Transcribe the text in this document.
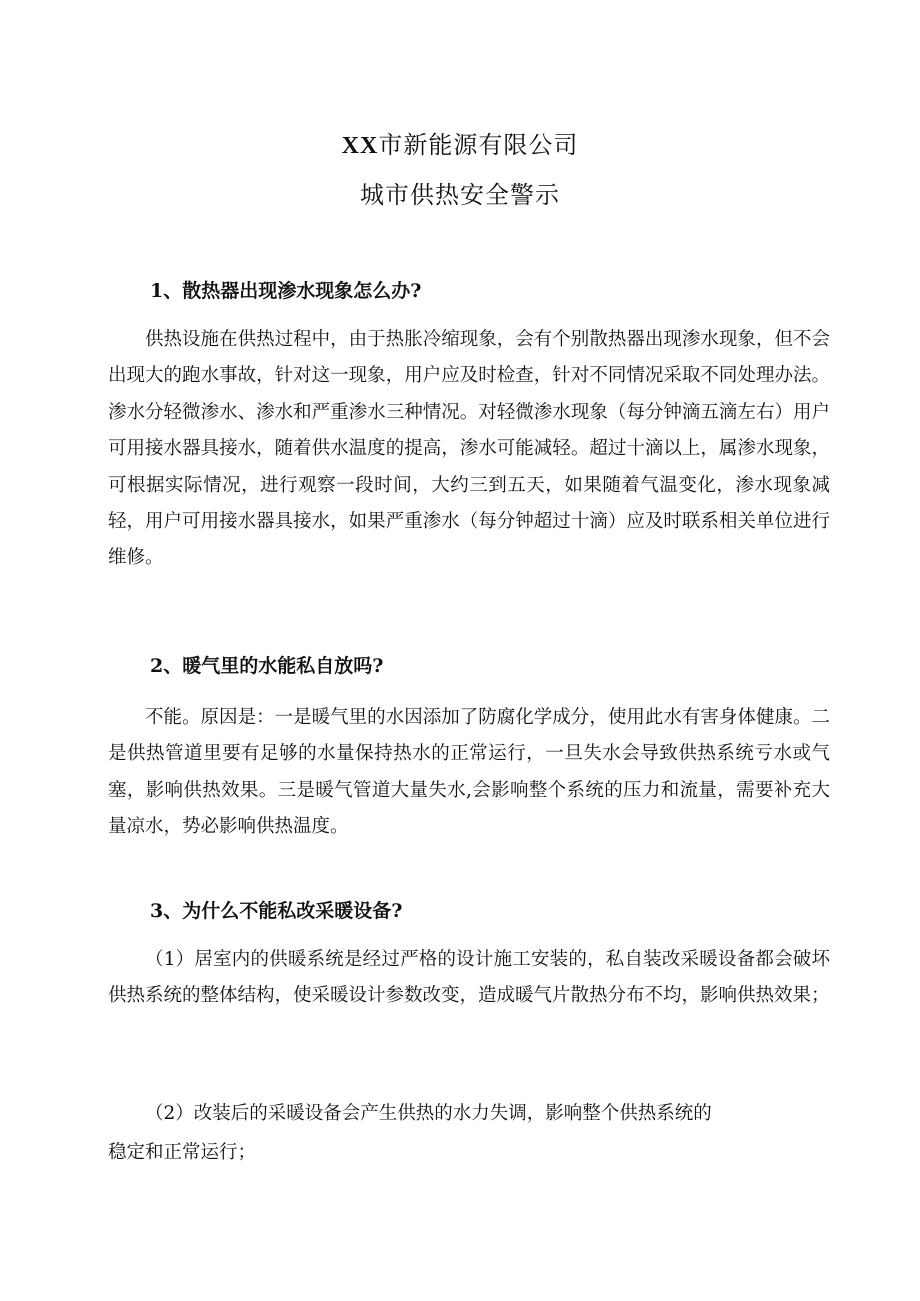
XX市新能源有限公司
城市供热安全警示
1、散热器出现渗水现象怎么办?
供热设施在供热过程中，由于热胀冷缩现象，会有个别散热器出现渗水现象，但不会出现大的跑水事故，针对这一现象，用户应及时检查，针对不同情况采取不同处理办法。渗水分轻微渗水、渗水和严重渗水三种情况。对轻微渗水现象（每分钟滴五滴左右）用户可用接水器具接水，随着供水温度的提高，渗水可能减轻。超过十滴以上，属渗水现象，可根据实际情况，进行观察一段时间，大约三到五天，如果随着气温变化，渗水现象减轻，用户可用接水器具接水，如果严重渗水（每分钟超过十滴）应及时联系相关单位进行维修。
2、暖气里的水能私自放吗?
不能。原因是：一是暖气里的水因添加了防腐化学成分，使用此水有害身体健康。二是供热管道里要有足够的水量保持热水的正常运行，一旦失水会导致供热系统亏水或气塞，影响供热效果。三是暖气管道大量失水,会影响整个系统的压力和流量，需要补充大量凉水，势必影响供热温度。
3、为什么不能私改采暖设备?
（1）居室内的供暖系统是经过严格的设计施工安装的，私自装改采暖设备都会破坏供热系统的整体结构，使采暖设计参数改变，造成暖气片散热分布不均，影响供热效果；
（2）改装后的采暖设备会产生供热的水力失调，影响整个供热系统的
稳定和正常运行；
